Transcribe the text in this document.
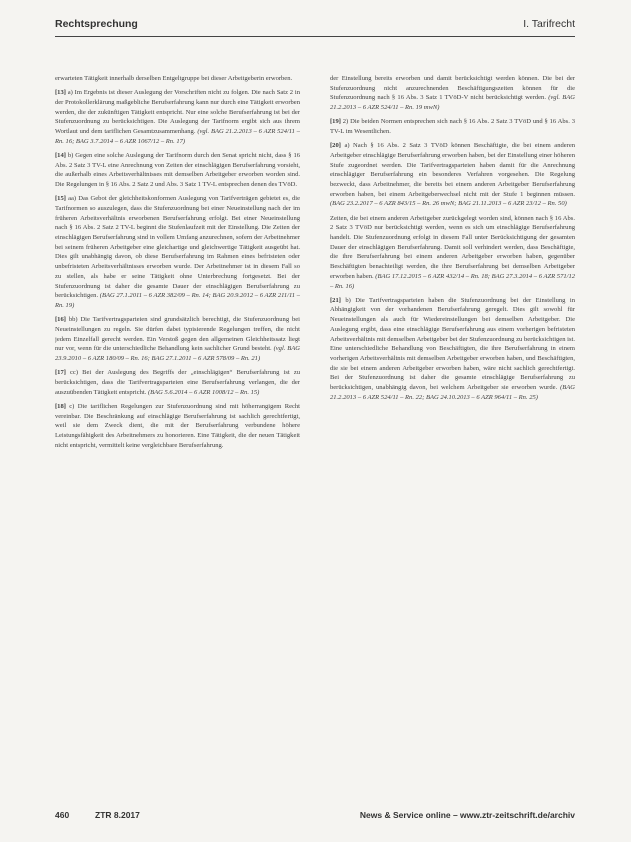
Rechtsprechung	I. Tarifrecht

erwarteten Tätigkeit innerhalb derselben Entgeltgruppe bei dieser Arbeitgeberin erworben.

[13] a) Im Ergebnis ist dieser Auslegung der Vorschriften nicht zu folgen. Die nach Satz 2 in der Protokollerklärung maßgebliche Berufserfahrung kann nur durch eine Tätigkeit erworben werden, die der zukünftigen Tätigkeit entspricht. Nur eine solche Berufserfahrung ist bei der Stufenzuordnung zu berücksichtigen. Die Auslegung der Tarifnorm ergibt sich aus ihrem Wortlaut und dem tariflichen Gesamtzusammenhang. (vgl. BAG 21.2.2013 – 6 AZR 524/11 – Rn. 16; BAG 3.7.2014 – 6 AZR 1067/12 – Rn. 17)

[14] b) Gegen eine solche Auslegung der Tarifnorm durch den Senat spricht nicht, dass § 16 Abs. 2 Satz 3 TV-L eine Anrechnung von Zeiten der einschlägigen Berufserfahrung vorsieht, die außerhalb eines Arbeitsverhältnisses mit demselben Arbeitgeber erworben worden sind. Die Regelungen in § 16 Abs. 2 Satz 2 und Abs. 3 Satz 1 TV-L entsprechen denen des TVöD.

[15] aa) Das Gebot der gleichheitskonformen Auslegung von Tarifverträgen gebietet es, die Tarifnormen so auszulegen, dass die Stufenzuordnung bei einer Neueinstellung nach der im früheren Arbeitsverhältnis erworbenen Berufserfahrung erfolgt. Bei einer Neueinstellung nach § 16 Abs. 2 Satz 2 TV-L beginnt die Stufenlaufzeit mit der Einstellung. Die Zeiten der einschlägigen Berufserfahrung sind in vollem Umfang anzurechnen, sofern der Arbeitnehmer bei seinem früheren Arbeitgeber eine gleichartige und gleichwertige Tätigkeit ausgeübt hat. Dies gilt unabhängig davon, ob diese Berufserfahrung im Rahmen eines befristeten oder unbefristeten Arbeitsverhältnisses erworben wurde. Der Arbeitnehmer ist in diesem Fall so zu stellen, als habe er seine Tätigkeit ohne Unterbrechung fortgesetzt. Bei der Stufenzuordnung ist daher die gesamte Dauer der einschlägigen Berufserfahrung zu berücksichtigen. (BAG 27.1.2011 – 6 AZR 382/09 – Rn. 14; BAG 20.9.2012 – 6 AZR 211/11 – Rn. 19)

[16] bb) Die Tarifvertragsparteien sind grundsätzlich berechtigt, die Stufenzuordnung bei Neueinstellungen zu regeln. Sie dürfen dabei typisierende Regelungen treffen, die nicht jedem Einzelfall gerecht werden. Ein Verstoß gegen den allgemeinen Gleichheitssatz liegt nur vor, wenn für die unterschiedliche Behandlung kein sachlicher Grund besteht. (vgl. BAG 23.9.2010 – 6 AZR 180/09 – Rn. 16; BAG 27.1.2011 – 6 AZR 578/09 – Rn. 21)

[17] cc) Bei der Auslegung des Begriffs der „einschlägigen“ Berufserfahrung ist zu berücksichtigen, dass die Tarifvertragsparteien eine Berufserfahrung verlangen, die der auszuübenden Tätigkeit entspricht. (BAG 5.6.2014 – 6 AZR 1008/12 – Rn. 15)

[18] c) Die tariflichen Regelungen zur Stufenzuordnung sind mit höherrangigem Recht vereinbar. Die Beschränkung auf einschlägige Berufserfahrung ist sachlich gerechtfertigt, weil sie dem Zweck dient, die mit der Berufserfahrung verbundene höhere Leistungsfähigkeit des Arbeitnehmers zu honorieren. Eine Tätigkeit, die der neuen Tätigkeit nicht entspricht, vermittelt keine vergleichbare Berufserfahrung.

der Einstellung bereits erworben und damit berücksichtigt werden können. Die bei der Stufenzuordnung nicht anzurechnenden Beschäftigungszeiten können für die Stufenzuordnung nach § 16 Abs. 3 Satz 1 TVöD-V nicht berücksichtigt werden. (vgl. BAG 21.2.2013 – 6 AZR 524/11 – Rn. 19 mwN)

[19] 2) Die beiden Normen entsprechen sich nach § 16 Abs. 2 Satz 3 TVöD und § 16 Abs. 3 TV-L im Wesentlichen.

[20] a) Nach § 16 Abs. 2 Satz 3 TVöD können Beschäftigte, die bei einem anderen Arbeitgeber einschlägige Berufserfahrung erworben haben, bei der Einstellung einer höheren Stufe zugeordnet werden. Die Tarifvertragsparteien haben damit für die Anrechnung einschlägiger Berufserfahrung ein besonderes Verfahren vorgesehen. Die Regelung bezweckt, dass Arbeitnehmer, die bereits bei einem anderen Arbeitgeber Berufserfahrung erworben haben, bei einem Arbeitgeberwechsel nicht mit der Stufe 1 beginnen müssen. (BAG 23.2.2017 – 6 AZR 843/15 – Rn. 26 mwN; BAG 21.11.2013 – 6 AZR 23/12 – Rn. 50)

Zeiten, die bei einem anderen Arbeitgeber zurückgelegt worden sind, können nach § 16 Abs. 2 Satz 3 TVöD nur berücksichtigt werden, wenn es sich um einschlägige Berufserfahrung handelt. Die Stufenzuordnung erfolgt in diesem Fall unter Berücksichtigung der gesamten Dauer der einschlägigen Berufserfahrung. Damit soll verhindert werden, dass Beschäftigte, die ihre Berufserfahrung bei einem anderen Arbeitgeber erworben haben, gegenüber Beschäftigten benachteiligt werden, die ihre Berufserfahrung bei demselben Arbeitgeber erworben haben. (BAG 17.12.2015 – 6 AZR 432/14 – Rn. 18; BAG 27.3.2014 – 6 AZR 571/12 – Rn. 16)

[21] b) Die Tarifvertragsparteien haben die Stufenzuordnung bei der Einstellung in Abhängigkeit von der vorhandenen Berufserfahrung geregelt. Dies gilt sowohl für Neueinstellungen als auch für Wiedereinstellungen bei demselben Arbeitgeber. Die Auslegung ergibt, dass eine einschlägige Berufserfahrung aus einem vorherigen befristeten Arbeitsverhältnis mit demselben Arbeitgeber bei der Stufenzuordnung zu berücksichtigen ist. Eine unterschiedliche Behandlung von Beschäftigten, die ihre Berufserfahrung in einem vorherigen Arbeitsverhältnis mit demselben Arbeitgeber erworben haben, und Beschäftigten, die sie bei einem anderen Arbeitgeber erworben haben, wäre nicht sachlich gerechtfertigt. Bei der Stufenzuordnung ist daher die gesamte einschlägige Berufserfahrung zu berücksichtigen, unabhängig davon, bei welchem Arbeitgeber sie erworben wurde. (BAG 21.2.2013 – 6 AZR 524/11 – Rn. 22; BAG 24.10.2013 – 6 AZR 964/11 – Rn. 25)

460	ZTR 8.2017	News & Service online – www.ztr-zeitschrift.de/archiv
